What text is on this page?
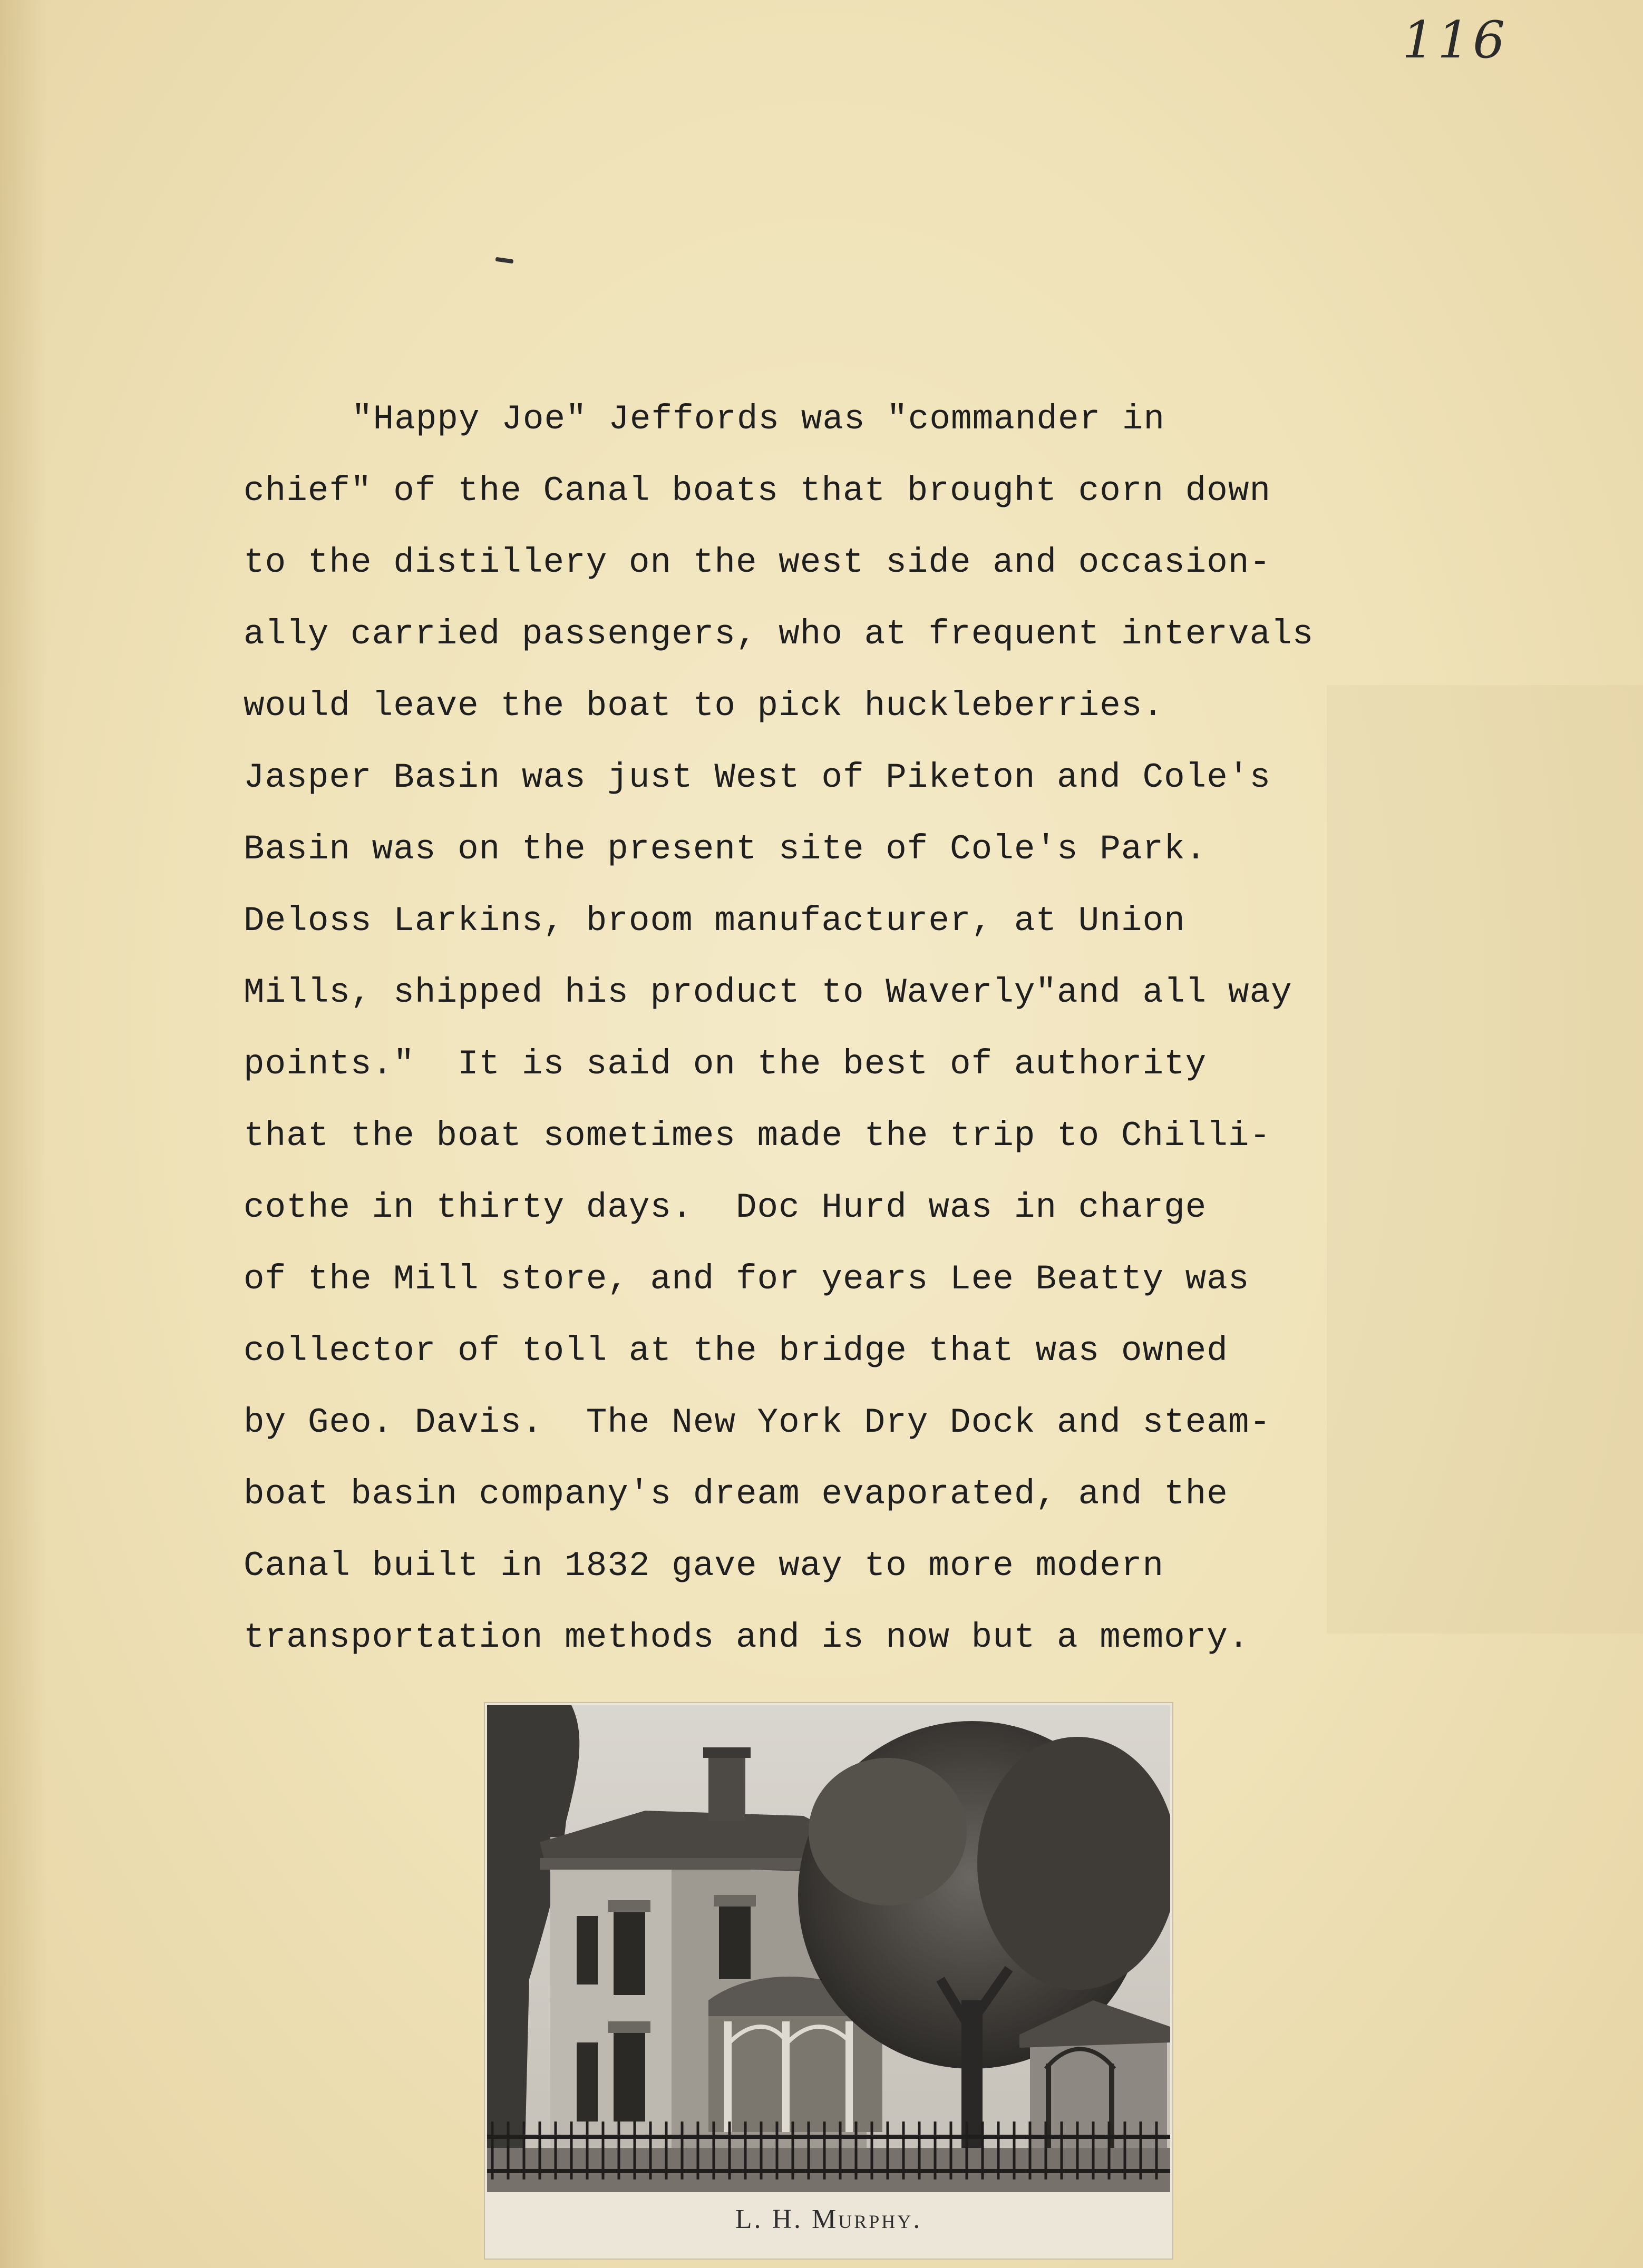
116
"Happy Joe" Jeffords was "commander in
chief" of the Canal boats that brought corn down
to the distillery on the west side and occasion-
ally carried passengers, who at frequent intervals
would leave the boat to pick huckleberries.
Jasper Basin was just West of Piketon and Cole's
Basin was on the present site of Cole's Park.
Deloss Larkins, broom manufacturer, at Union
Mills, shipped his product to Waverly"and all way
points."  It is said on the best of authority
that the boat sometimes made the trip to Chilli-
cothe in thirty days.  Doc Hurd was in charge
of the Mill store, and for years Lee Beatty was
collector of toll at the bridge that was owned
by Geo. Davis.  The New York Dry Dock and steam-
boat basin company's dream evaporated, and the
Canal built in 1832 gave way to more modern
transportation methods and is now but a memory.
L. H. Murphy.
